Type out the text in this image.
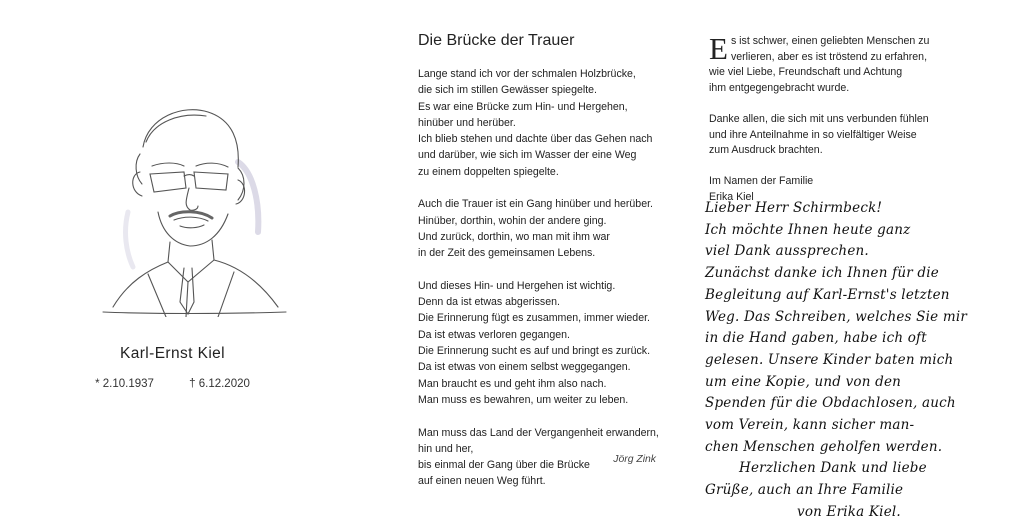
Karl-Ernst Kiel
* 2.10.1937	† 6.12.2020
Die Brücke der Trauer
Lange stand ich vor der schmalen Holzbrücke,
die sich im stillen Gewässer spiegelte.
Es war eine Brücke zum Hin- und Hergehen,
hinüber und herüber.
Ich blieb stehen und dachte über das Gehen nach
und darüber, wie sich im Wasser der eine Weg
zu einem doppelten spiegelte.
Auch die Trauer ist ein Gang hinüber und herüber.
Hinüber, dorthin, wohin der andere ging.
Und zurück, dorthin, wo man mit ihm war
in der Zeit des gemeinsamen Lebens.
Und dieses Hin- und Hergehen ist wichtig.
Denn da ist etwas abgerissen.
Die Erinnerung fügt es zusammen, immer wieder.
Da ist etwas verloren gegangen.
Die Erinnerung sucht es auf und bringt es zurück.
Da ist etwas von einem selbst weggegangen.
Man braucht es und geht ihm also nach.
Man muss es bewahren, um weiter zu leben.
Man muss das Land der Vergangenheit erwandern,
hin und her,
bis einmal der Gang über die Brücke
auf einen neuen Weg führt.
Jörg Zink

E s ist schwer, einen geliebten Menschen zu
verlieren, aber es ist tröstend zu erfahren,
wie viel Liebe, Freundschaft und Achtung
ihm entgegengebracht wurde.

Danke allen, die sich mit uns verbunden fühlen
und ihre Anteilnahme in so vielfältiger Weise
zum Ausdruck brachten.

Im Namen der Familie
Erika Kiel
Lieber Herr Schirmbeck!
Ich möchte Ihnen heute ganz
viel Dank aussprechen.
Zunächst danke ich Ihnen für die
Begleitung auf Karl-Ernst's letzten
Weg. Das Schreiben, welches Sie mir
in die Hand gaben, habe ich oft
gelesen. Unsere Kinder baten mich
um eine Kopie, und von den
Spenden für die Obdachlosen, auch
vom Verein, kann sicher man-
chen Menschen geholfen werden.
Herzlichen Dank und liebe
Grüße, auch an Ihre Familie
von Erika Kiel.
